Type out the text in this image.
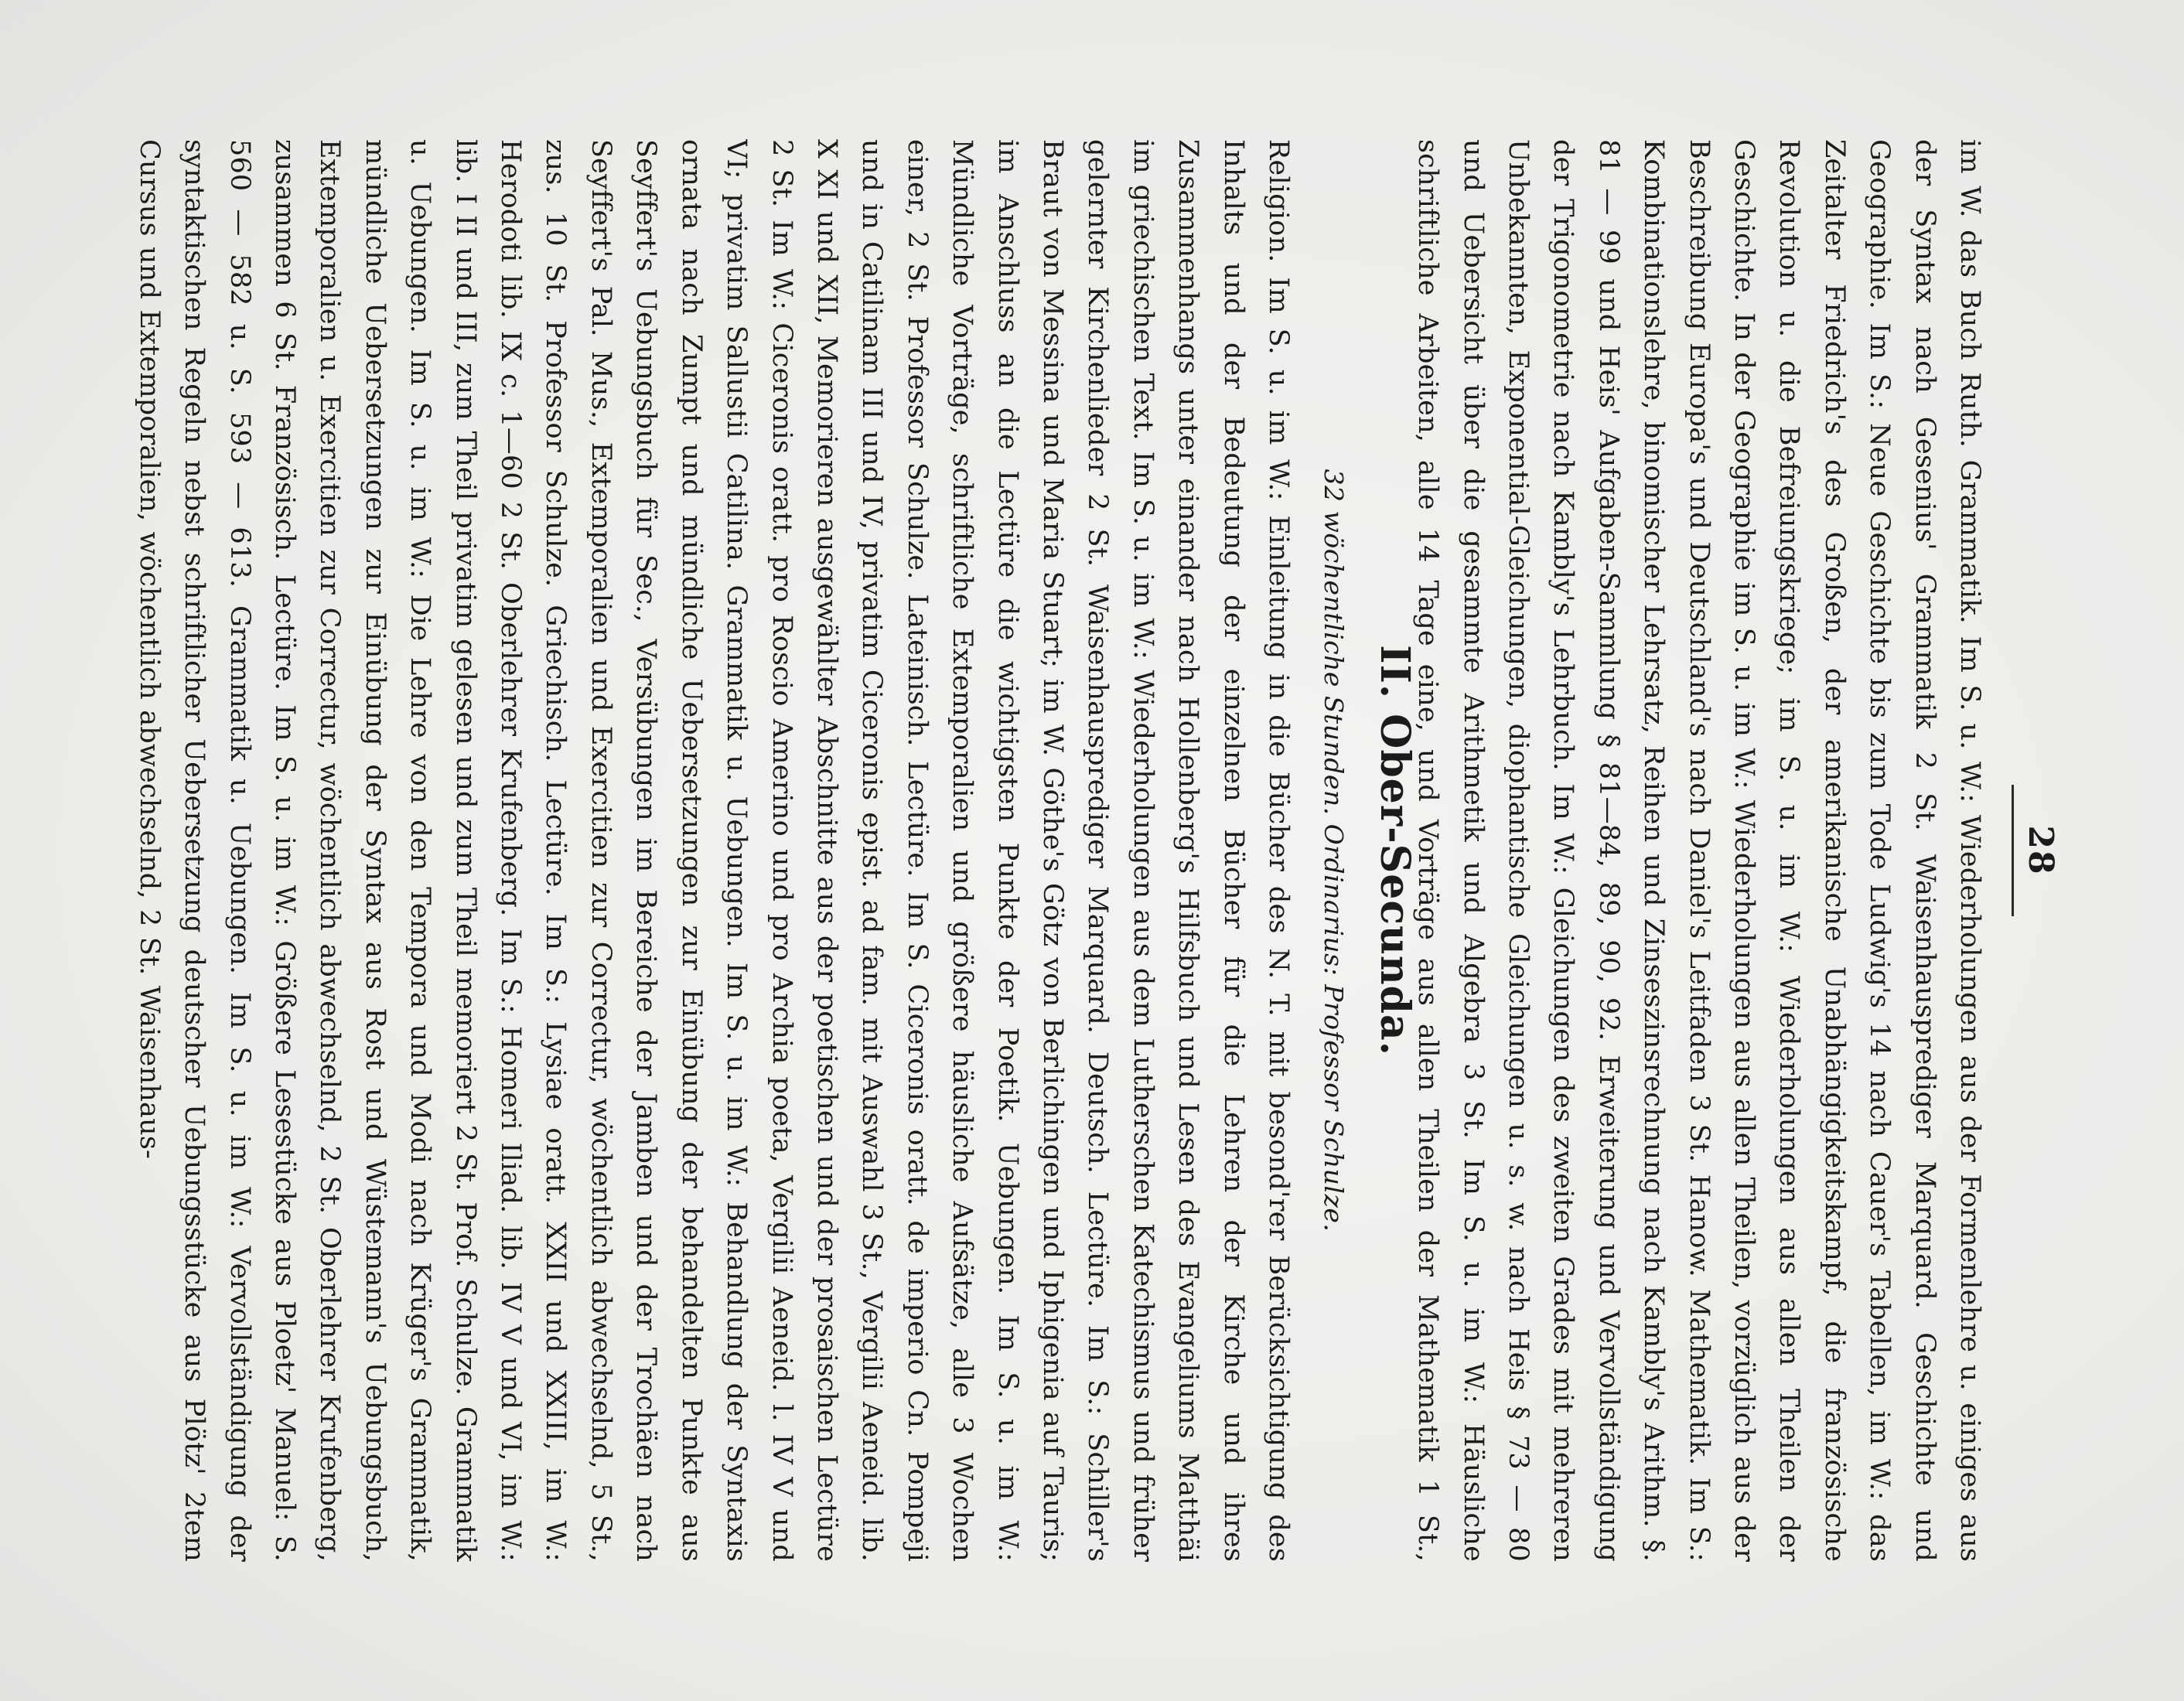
28
im W. das Buch Ruth. Grammatik. Im S. u. W.: Wiederholungen aus der Formenlehre u. einiges aus der Syntax nach Gesenius' Grammatik 2 St. Waisenhausprediger Marquard. Geschichte und Geographie. Im S.: Neue Geschichte bis zum Tode Ludwig's 14 nach Cauer's Tabellen, im W.: das Zeitalter Friedrich's des Großen, der amerikanische Unabhängigkeitskampf, die französische Revolution u. die Befreiungskriege; im S. u. im W.: Wiederholungen aus allen Theilen der Geschichte. In der Geographie im S. u. im W.: Wiederholungen aus allen Theilen, vorzüglich aus der Beschreibung Europa's und Deutschland's nach Daniel's Leitfaden 3 St. Hanow. Mathematik. Im S.: Kombinationslehre, binomischer Lehrsatz, Reihen und Zinseszinsrechnung nach Kambly's Arithm. §. 81 — 99 und Heis' Aufgaben-Sammlung § 81—84, 89, 90, 92. Erweiterung und Vervollständigung der Trigonometrie nach Kambly's Lehrbuch. Im W.: Gleichungen des zweiten Grades mit mehreren Unbekannten, Exponential-Gleichungen, diophantische Gleichungen u. s. w. nach Heis § 73 — 80 und Uebersicht über die gesammte Arithmetik und Algebra 3 St. Im S. u. im W.: Häusliche schriftliche Arbeiten, alle 14 Tage eine, und Vorträge aus allen Theilen der Mathematik 1 St.,
II. Ober-Secunda.
32 wöchentliche Stunden. Ordinarius: Professor Schulze.
Religion. Im S. u. im W.: Einleitung in die Bücher des N. T. mit besond'rer Berücksichtigung des Inhalts und der Bedeutung der einzelnen Bücher für die Lehren der Kirche und ihres Zusammenhangs unter einander nach Hollenberg's Hilfsbuch und Lesen des Evangeliums Matthäi im griechischen Text. Im S. u. im W.: Wiederholungen aus dem Lutherschen Katechismus und früher gelernter Kirchenlieder 2 St. Waisenhausprediger Marquard. Deutsch. Lectüre. Im S.: Schiller's Braut von Messina und Maria Stuart; im W. Göthe's Götz von Berlichingen und Iphigenia auf Tauris; im Anschluss an die Lectüre die wichtigsten Punkte der Poetik. Uebungen. Im S. u. im W.: Mündliche Vorträge, schriftliche Extemporalien und größere häusliche Aufsätze, alle 3 Wochen einer, 2 St. Professor Schulze. Lateinisch. Lectüre. Im S. Ciceronis oratt. de imperio Cn. Pompeji und in Catilinam III und IV, privatim Ciceronis epist. ad fam. mit Auswahl 3 St., Vergilii Aeneid. lib. X XI und XII, Memorieren ausgewählter Abschnitte aus der poetischen und der prosaischen Lectüre 2 St. Im W.: Ciceronis oratt. pro Roscio Amerino und pro Archia poeta, Vergilii Aeneid. l. IV V und VI; privatim Sallustii Catilina. Grammatik u. Uebungen. Im S. u. im W.: Behandlung der Syntaxis ornata nach Zumpt und mündliche Uebersetzungen zur Einübung der behandelten Punkte aus Seyffert's Uebungsbuch für Sec., Versübungen im Bereiche der Jamben und der Trochäen nach Seyffert's Pal. Mus., Extemporalien und Exercitien zur Correctur, wöchentlich abwechselnd, 5 St., zus. 10 St. Professor Schulze. Griechisch. Lectüre. Im S.: Lysiae oratt. XXII und XXIII, im W.: Herodoti lib. IX c. 1—60 2 St. Oberlehrer Krufenberg. Im S.: Homeri Iliad. lib. IV V und VI, im W.: lib. I II und III, zum Theil privatim gelesen und zum Theil memoriert 2 St. Prof. Schulze. Grammatik u. Uebungen. Im S. u. im W.: Die Lehre von den Tempora und Modi nach Krüger's Grammatik, mündliche Uebersetzungen zur Einübung der Syntax aus Rost und Wüstemann's Uebungsbuch, Extemporalien u. Exercitien zur Correctur, wöchentlich abwechselnd, 2 St. Oberlehrer Krufenberg, zusammen 6 St. Französisch. Lectüre. Im S. u. im W.: Größere Lesestücke aus Ploetz' Manuel: S. 560 — 582 u. S. 593 — 613. Grammatik u. Uebungen. Im S. u. im W.: Vervollständigung der syntaktischen Regeln nebst schriftlicher Uebersetzung deutscher Uebungsstücke aus Plötz' 2tem Cursus und Extemporalien, wöchentlich abwechselnd, 2 St. Waisenhaus-
